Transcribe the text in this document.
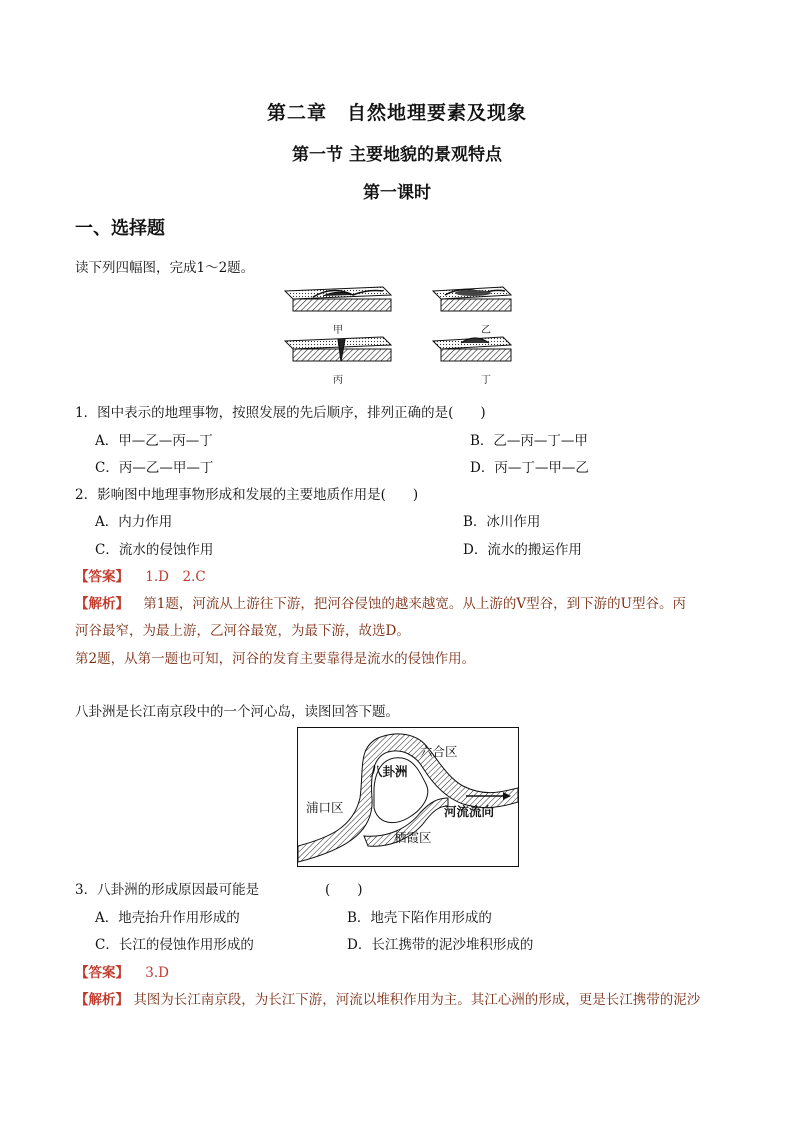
第二章　自然地理要素及现象
第一节 主要地貌的景观特点
第一课时
一、选择题
读下列四幅图，完成1～2题。
甲	乙
丙	丁
1．图中表示的地理事物，按照发展的先后顺序，排列正确的是(　　)
A．甲—乙—丙—丁	B．乙—丙—丁—甲
C．丙—乙—甲—丁	D．丙—丁—甲—乙
2．影响图中地理事物形成和发展的主要地质作用是(　　)
A．内力作用	B．冰川作用
C．流水的侵蚀作用	D．流水的搬运作用
【答案】 1.D　2.C
【解析】 第1题，河流从上游往下游，把河谷侵蚀的越来越宽。从上游的V型谷，到下游的U型谷。丙
河谷最窄，为最上游，乙河谷最宽，为最下游，故选D。
第2题，从第一题也可知，河谷的发育主要靠得是流水的侵蚀作用。
八卦洲是长江南京段中的一个河心岛，读图回答下题。
六合区
八卦洲
浦口区	河流流向
栖霞区
3．八卦洲的形成原因最可能是	(　　)
A．地壳抬升作用形成的	B．地壳下陷作用形成的
C．长江的侵蚀作用形成的	D．长江携带的泥沙堆积形成的
【答案】 3.D
【解析】 其图为长江南京段，为长江下游，河流以堆积作用为主。其江心洲的形成，更是长江携带的泥沙
